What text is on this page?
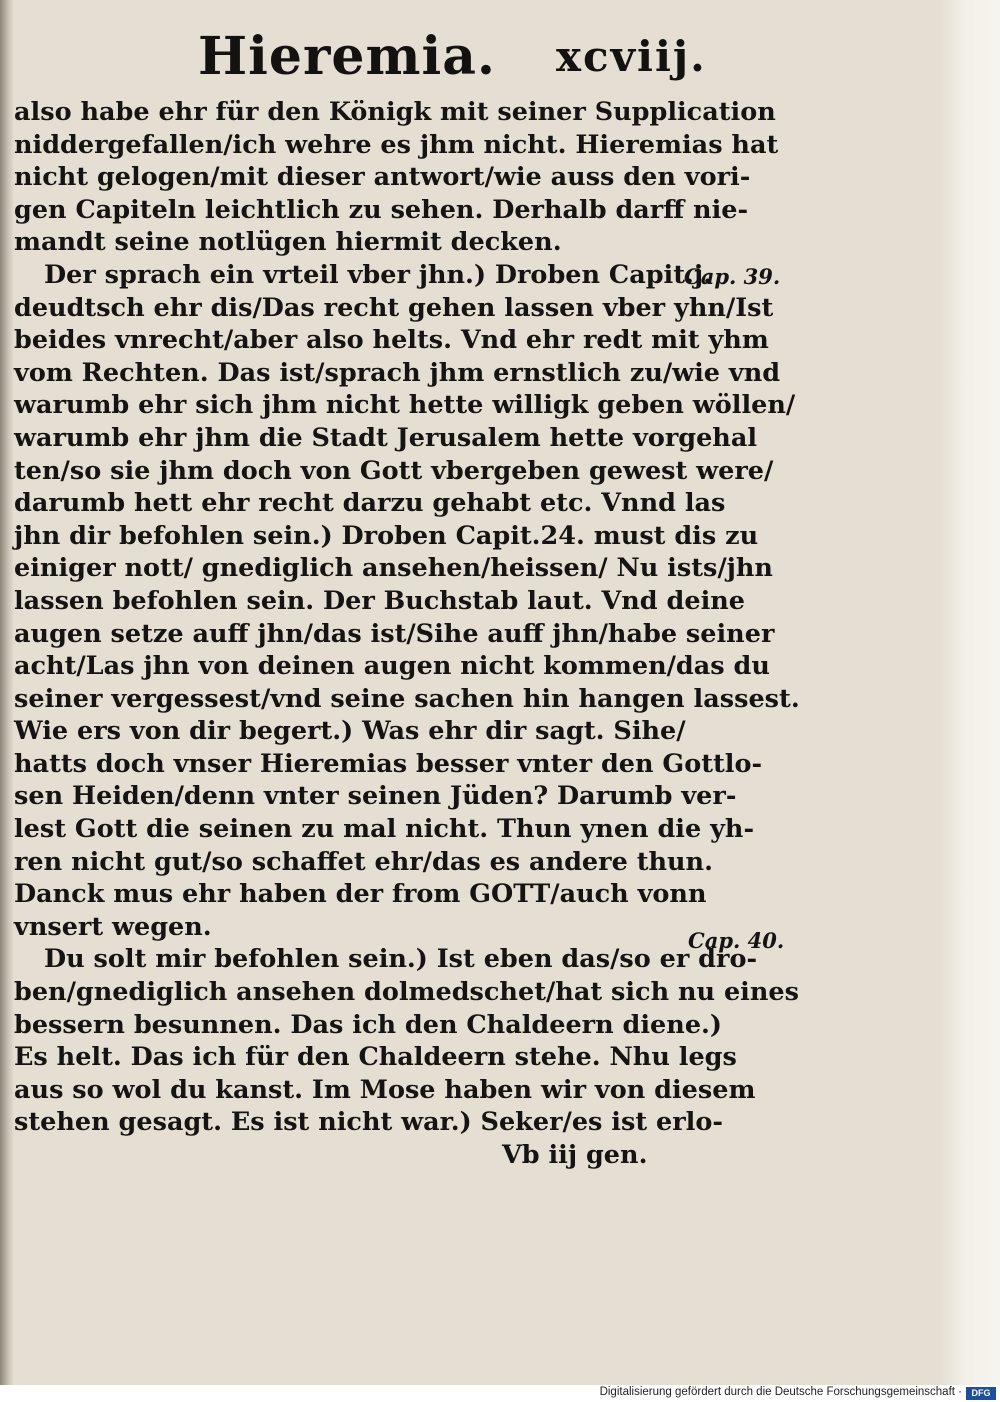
Hieremia. xcviij.
also habe ehr für den Königk mit seiner Supplication
niddergefallen/ich wehre es jhm nicht. Hieremias hat
nicht gelogen/mit dieser antwort/wie auss den vori-
gen Capiteln leichtlich zu sehen. Derhalb darff nie-
mandt seine notlügen hiermit decken.
Der sprach ein vrteil vber jhn.) Droben Capit.j.
deudtsch ehr dis/Das recht gehen lassen vber yhn/Ist
beides vnrecht/aber also helts. Vnd ehr redt mit yhm
vom Rechten. Das ist/sprach jhm ernstlich zu/wie vnd
warumb ehr sich jhm nicht hette willigk geben wöllen/
warumb ehr jhm die Stadt Jerusalem hette vorgehal
ten/so sie jhm doch von Gott vbergeben gewest were/
darumb hett ehr recht darzu gehabt etc. Vnnd las
jhn dir befohlen sein.) Droben Capit.24. must dis zu
einiger nott/ gnediglich ansehen/heissen/ Nu ists/jhn
lassen befohlen sein. Der Buchstab laut. Vnd deine
augen setze auff jhn/das ist/Sihe auff jhn/habe seiner
acht/Las jhn von deinen augen nicht kommen/das du
seiner vergessest/vnd seine sachen hin hangen lassest.
Wie ers von dir begert.) Was ehr dir sagt. Sihe/
hatts doch vnser Hieremias besser vnter den Gottlo-
sen Heiden/denn vnter seinen Jüden? Darumb ver-
lest Gott die seinen zu mal nicht. Thun ynen die yh-
ren nicht gut/so schaffet ehr/das es andere thun.
Danck mus ehr haben der from GOTT/auch vonn
vnsert wegen.
Du solt mir befohlen sein.) Ist eben das/so er dro-
ben/gnediglich ansehen dolmedschet/hat sich nu eines
bessern besunnen. Das ich den Chaldeern diene.)
Es helt. Das ich für den Chaldeern stehe. Nhu legs
aus so wol du kanst. Im Mose haben wir von diesem
stehen gesagt. Es ist nicht war.) Seker/es ist erlo-
Vb iij gen.
Cap. 39.
Cap. 40.
Digitalisierung gefördert durch die Deutsche Forschungsgemeinschaft ·	DFG
